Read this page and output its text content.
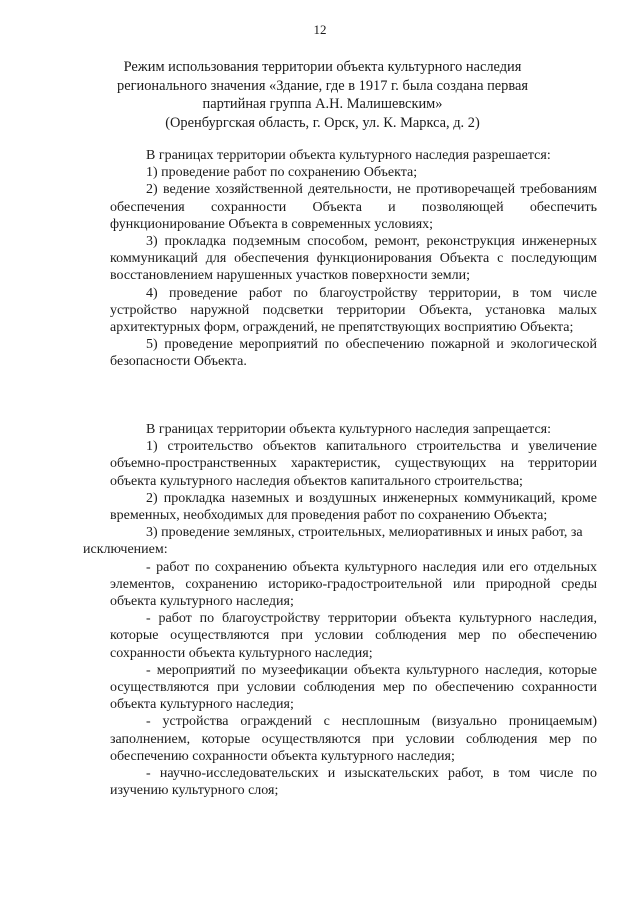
12
Режим использования территории объекта культурного наследия
регионального значения «Здание, где в 1917 г. была создана первая
партийная группа А.Н. Малишевским»
(Оренбургская область, г. Орск, ул. К. Маркса, д. 2)

В границах территории объекта культурного наследия разрешается:

1) проведение работ по сохранению Объекта;

2) ведение хозяйственной деятельности, не противоречащей требованиям обеспечения сохранности Объекта и позволяющей обеспечить функционирование Объекта в современных условиях;

3) прокладка подземным способом, ремонт, реконструкция инженерных коммуникаций для обеспечения функционирования Объекта с последующим восстановлением нарушенных участков поверхности земли;

4) проведение работ по благоустройству территории, в том числе устройство наружной подсветки территории Объекта, установка малых архитектурных форм, ограждений, не препятствующих восприятию Объекта;

5) проведение мероприятий по обеспечению пожарной и экологической безопасности Объекта.

В границах территории объекта культурного наследия запрещается:

1) строительство объектов капитального строительства и увеличение объемно-пространственных характеристик, существующих на территории объекта культурного наследия объектов капитального строительства;

2) прокладка наземных и воздушных инженерных коммуникаций, кроме временных, необходимых для проведения работ по сохранению Объекта;

3) проведение земляных, строительных, мелиоративных и иных работ, за

исключением:

- работ по сохранению объекта культурного наследия или его отдельных элементов, сохранению историко-градостроительной или природной среды объекта культурного наследия;

- работ по благоустройству территории объекта культурного наследия, которые осуществляются при условии соблюдения мер по обеспечению сохранности объекта культурного наследия;

- мероприятий по музеефикации объекта культурного наследия, которые осуществляются при условии соблюдения мер по обеспечению сохранности объекта культурного наследия;

- устройства ограждений с несплошным (визуально проницаемым) заполнением, которые осуществляются при условии соблюдения мер по обеспечению сохранности объекта культурного наследия;

- научно-исследовательских и изыскательских работ, в том числе по изучению культурного слоя;
